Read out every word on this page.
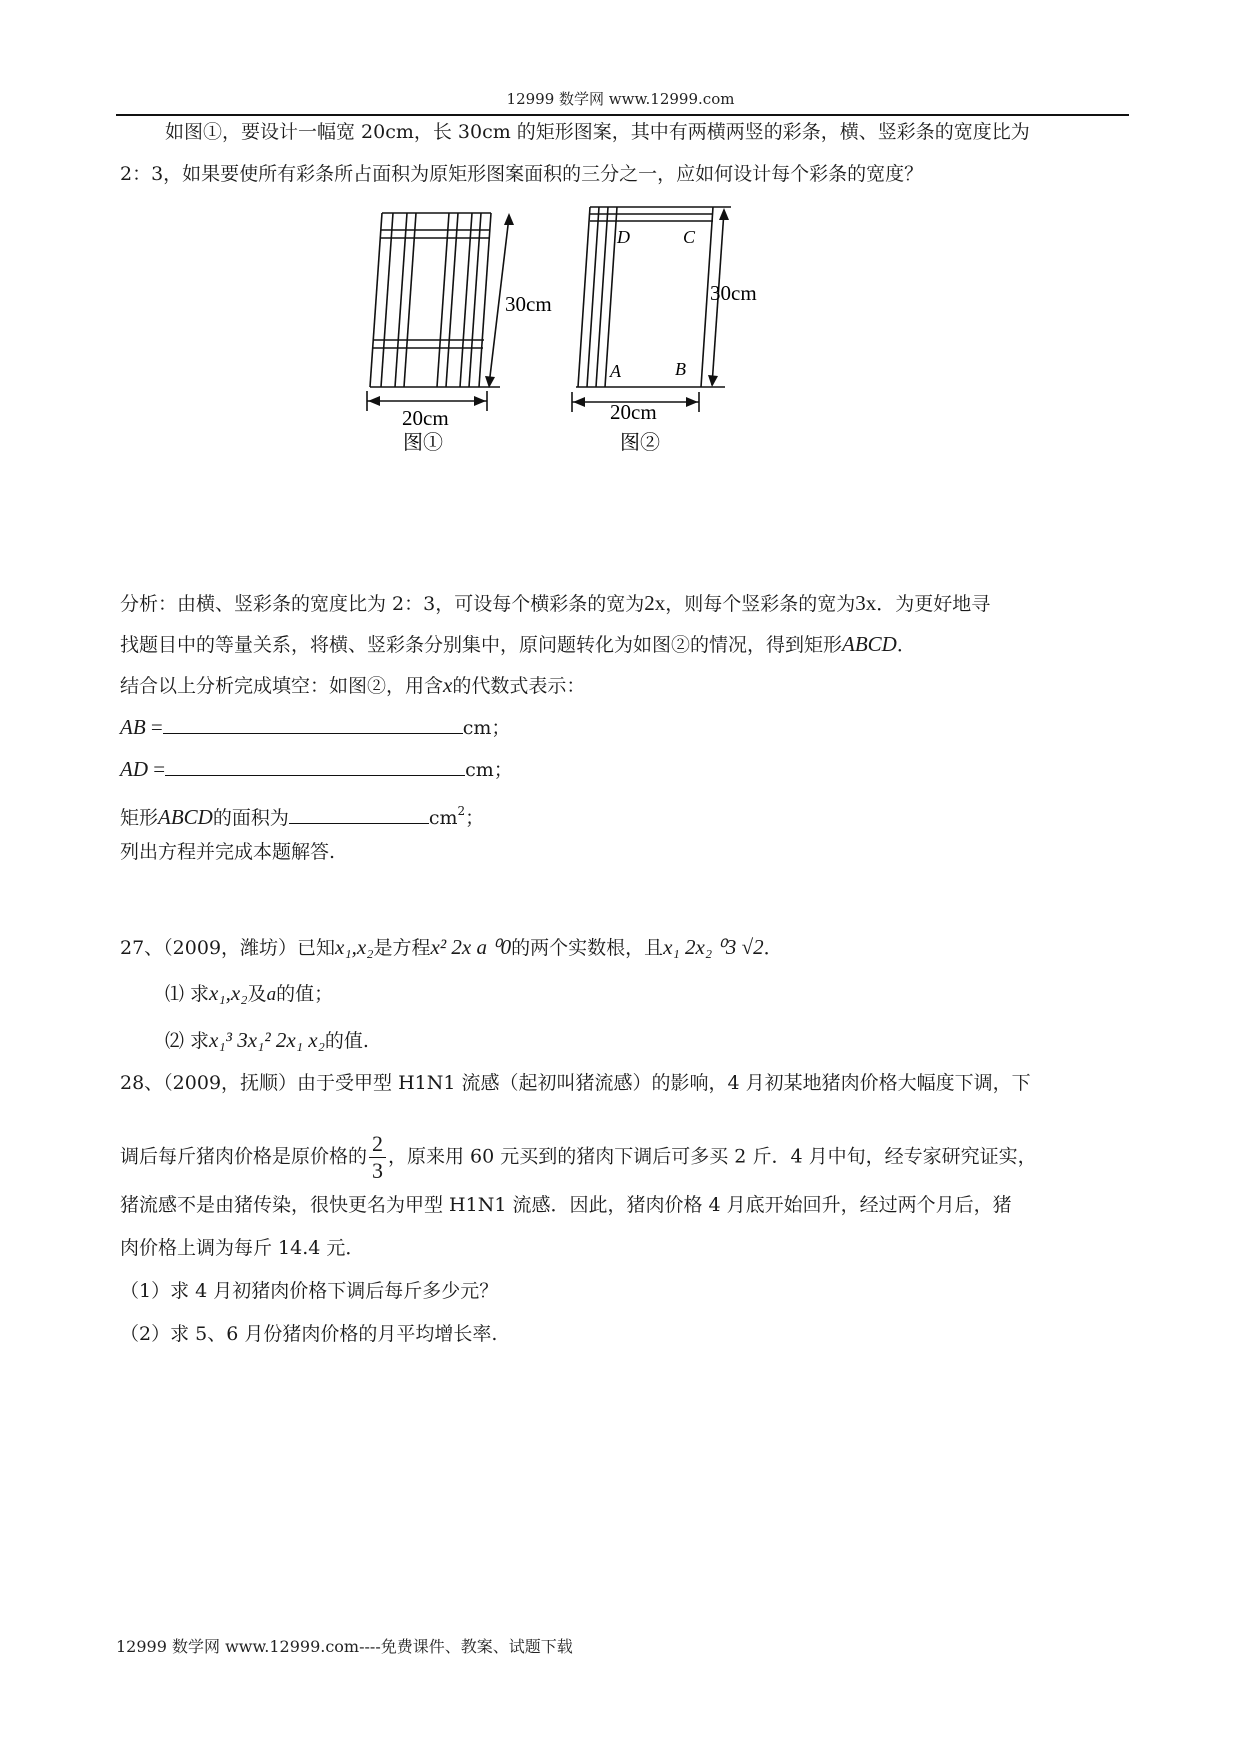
12999 数学网 www.12999.com
如图①，要设计一幅宽 20cm，长 30cm 的矩形图案，其中有两横两竖的彩条，横、竖彩条的宽度比为
2：3，如果要使所有彩条所占面积为原矩形图案面积的三分之一，应如何设计每个彩条的宽度？
30cm
20cm
图①
D	C
A	B
30cm
20cm
图②
分析：由横、竖彩条的宽度比为 2：3，可设每个横彩条的宽为2x，则每个竖彩条的宽为3x．为更好地寻
找题目中的等量关系，将横、竖彩条分别集中，原问题转化为如图②的情况，得到矩形ABCD．
结合以上分析完成填空：如图②，用含x的代数式表示：
AB =	cm；
AD =	cm；
矩形ABCD的面积为	$cm^2$；
列出方程并完成本题解答.
27、（2009，潍坊）已知x₁,x₂是方程x² 2x a ⁰0的两个实数根，且x₁ 2x₂ ⁰3 √2．
⑴ 求x₁,x₂及a的值；
⑵ 求x₁³ 3x₁² 2x₁ x₂的值.
28、（2009，抚顺）由于受甲型 H1N1 流感（起初叫猪流感）的影响，4 月初某地猪肉价格大幅度下调，下
调后每斤猪肉价格是原价格的 $\frac{2}{3}$ ，原来用 60 元买到的猪肉下调后可多买 2 斤．4 月中旬，经专家研究证实，
猪流感不是由猪传染，很快更名为甲型 H1N1 流感．因此，猪肉价格 4 月底开始回升，经过两个月后，猪
肉价格上调为每斤 14.4 元．
（1）求 4 月初猪肉价格下调后每斤多少元？
（2）求 5、6 月份猪肉价格的月平均增长率.
12999 数学网 www.12999.com----免费课件、教案、试题下载
